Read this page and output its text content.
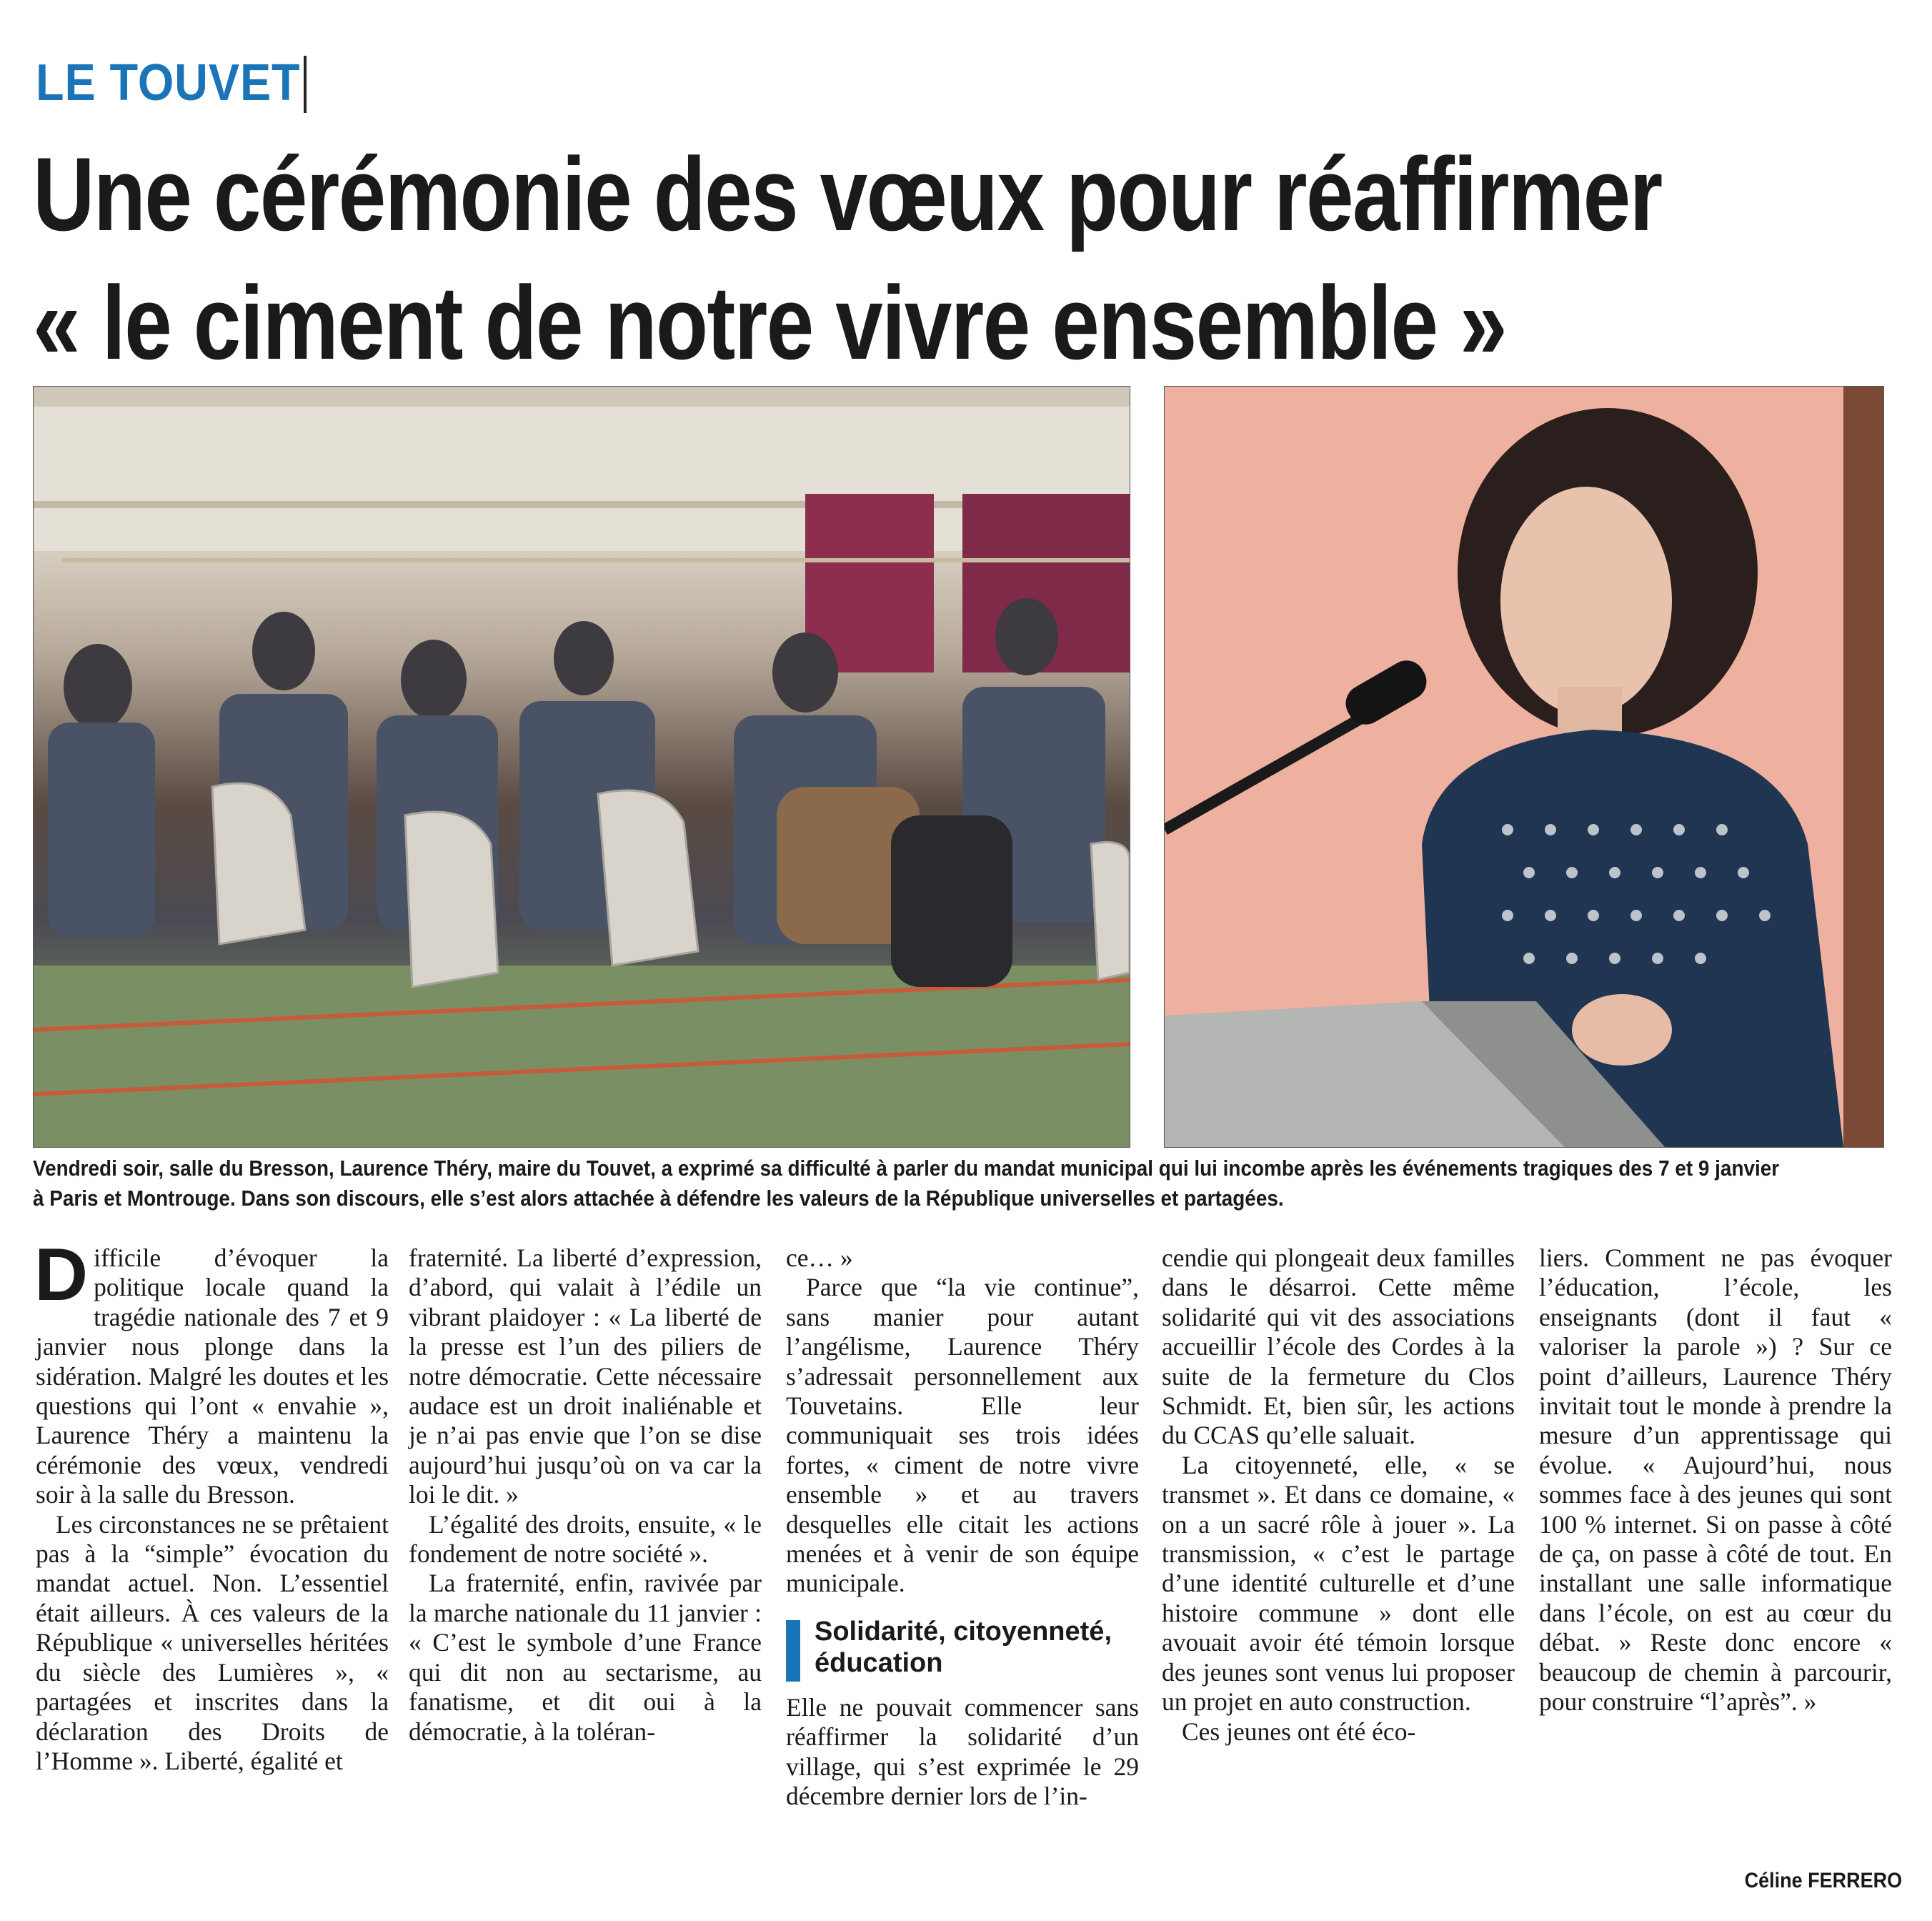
LE TOUVET
Une cérémonie des vœux pour réaffirmer
« le ciment de notre vivre ensemble »
Vendredi soir, salle du Bresson, Laurence Théry, maire du Touvet, a exprimé sa difficulté à parler du mandat municipal qui lui incombe après les événements tragiques des 7 et 9 janvier
à Paris et Montrouge. Dans son discours, elle s’est alors attachée à défendre les valeurs de la République universelles et partagées.

Difficile d’évoquer la politique locale quand la tragédie nationale des 7 et 9 janvier nous plonge dans la sidération. Malgré les doutes et les questions qui l’ont « envahie », Laurence Théry a maintenu la cérémonie des vœux, vendredi soir à la salle du Bresson.

Les circonstances ne se prêtaient pas à la “simple” évocation du mandat actuel. Non. L’essentiel était ailleurs. À ces valeurs de la République « universelles héritées du siècle des Lumières », « partagées et inscrites dans la déclaration des Droits de l’Homme ». Liberté, égalité et

fraternité. La liberté d’expression, d’abord, qui valait à l’édile un vibrant plaidoyer : « La liberté de la presse est l’un des piliers de notre démocratie. Cette nécessaire audace est un droit inaliénable et je n’ai pas envie que l’on se dise aujourd’hui jusqu’où on va car la loi le dit. »

L’égalité des droits, ensuite, « le fondement de notre société ».

La fraternité, enfin, ravivée par la marche nationale du 11 janvier : « C’est le symbole d’une France qui dit non au sectarisme, au fanatisme, et dit oui à la démocratie, à la toléran-

ce… »

Parce que “la vie continue”, sans manier pour autant l’angélisme, Laurence Théry s’adressait personnellement aux Touvetains. Elle leur communiquait ses trois idées fortes, « ciment de notre vivre ensemble » et au travers desquelles elle citait les actions menées et à venir de son équipe municipale.

Solidarité, citoyenneté, éducation

Elle ne pouvait commencer sans réaffirmer la solidarité d’un village, qui s’est exprimée le 29 décembre dernier lors de l’in-

cendie qui plongeait deux familles dans le désarroi. Cette même solidarité qui vit des associations accueillir l’école des Cordes à la suite de la fermeture du Clos Schmidt. Et, bien sûr, les actions du CCAS qu’elle saluait.

La citoyenneté, elle, « se transmet ». Et dans ce domaine, « on a un sacré rôle à jouer ». La transmission, « c’est le partage d’une identité culturelle et d’une histoire commune » dont elle avouait avoir été témoin lorsque des jeunes sont venus lui proposer un projet en auto construction.

Ces jeunes ont été éco-

liers. Comment ne pas évoquer l’éducation, l’école, les enseignants (dont il faut « valoriser la parole ») ? Sur ce point d’ailleurs, Laurence Théry invitait tout le monde à prendre la mesure d’un apprentissage qui évolue. « Aujourd’hui, nous sommes face à des jeunes qui sont 100 % internet. Si on passe à côté de ça, on passe à côté de tout. En installant une salle informatique dans l’école, on est au cœur du débat. » Reste donc encore « beaucoup de chemin à parcourir, pour construire “l’après”. »

Céline FERRERO
